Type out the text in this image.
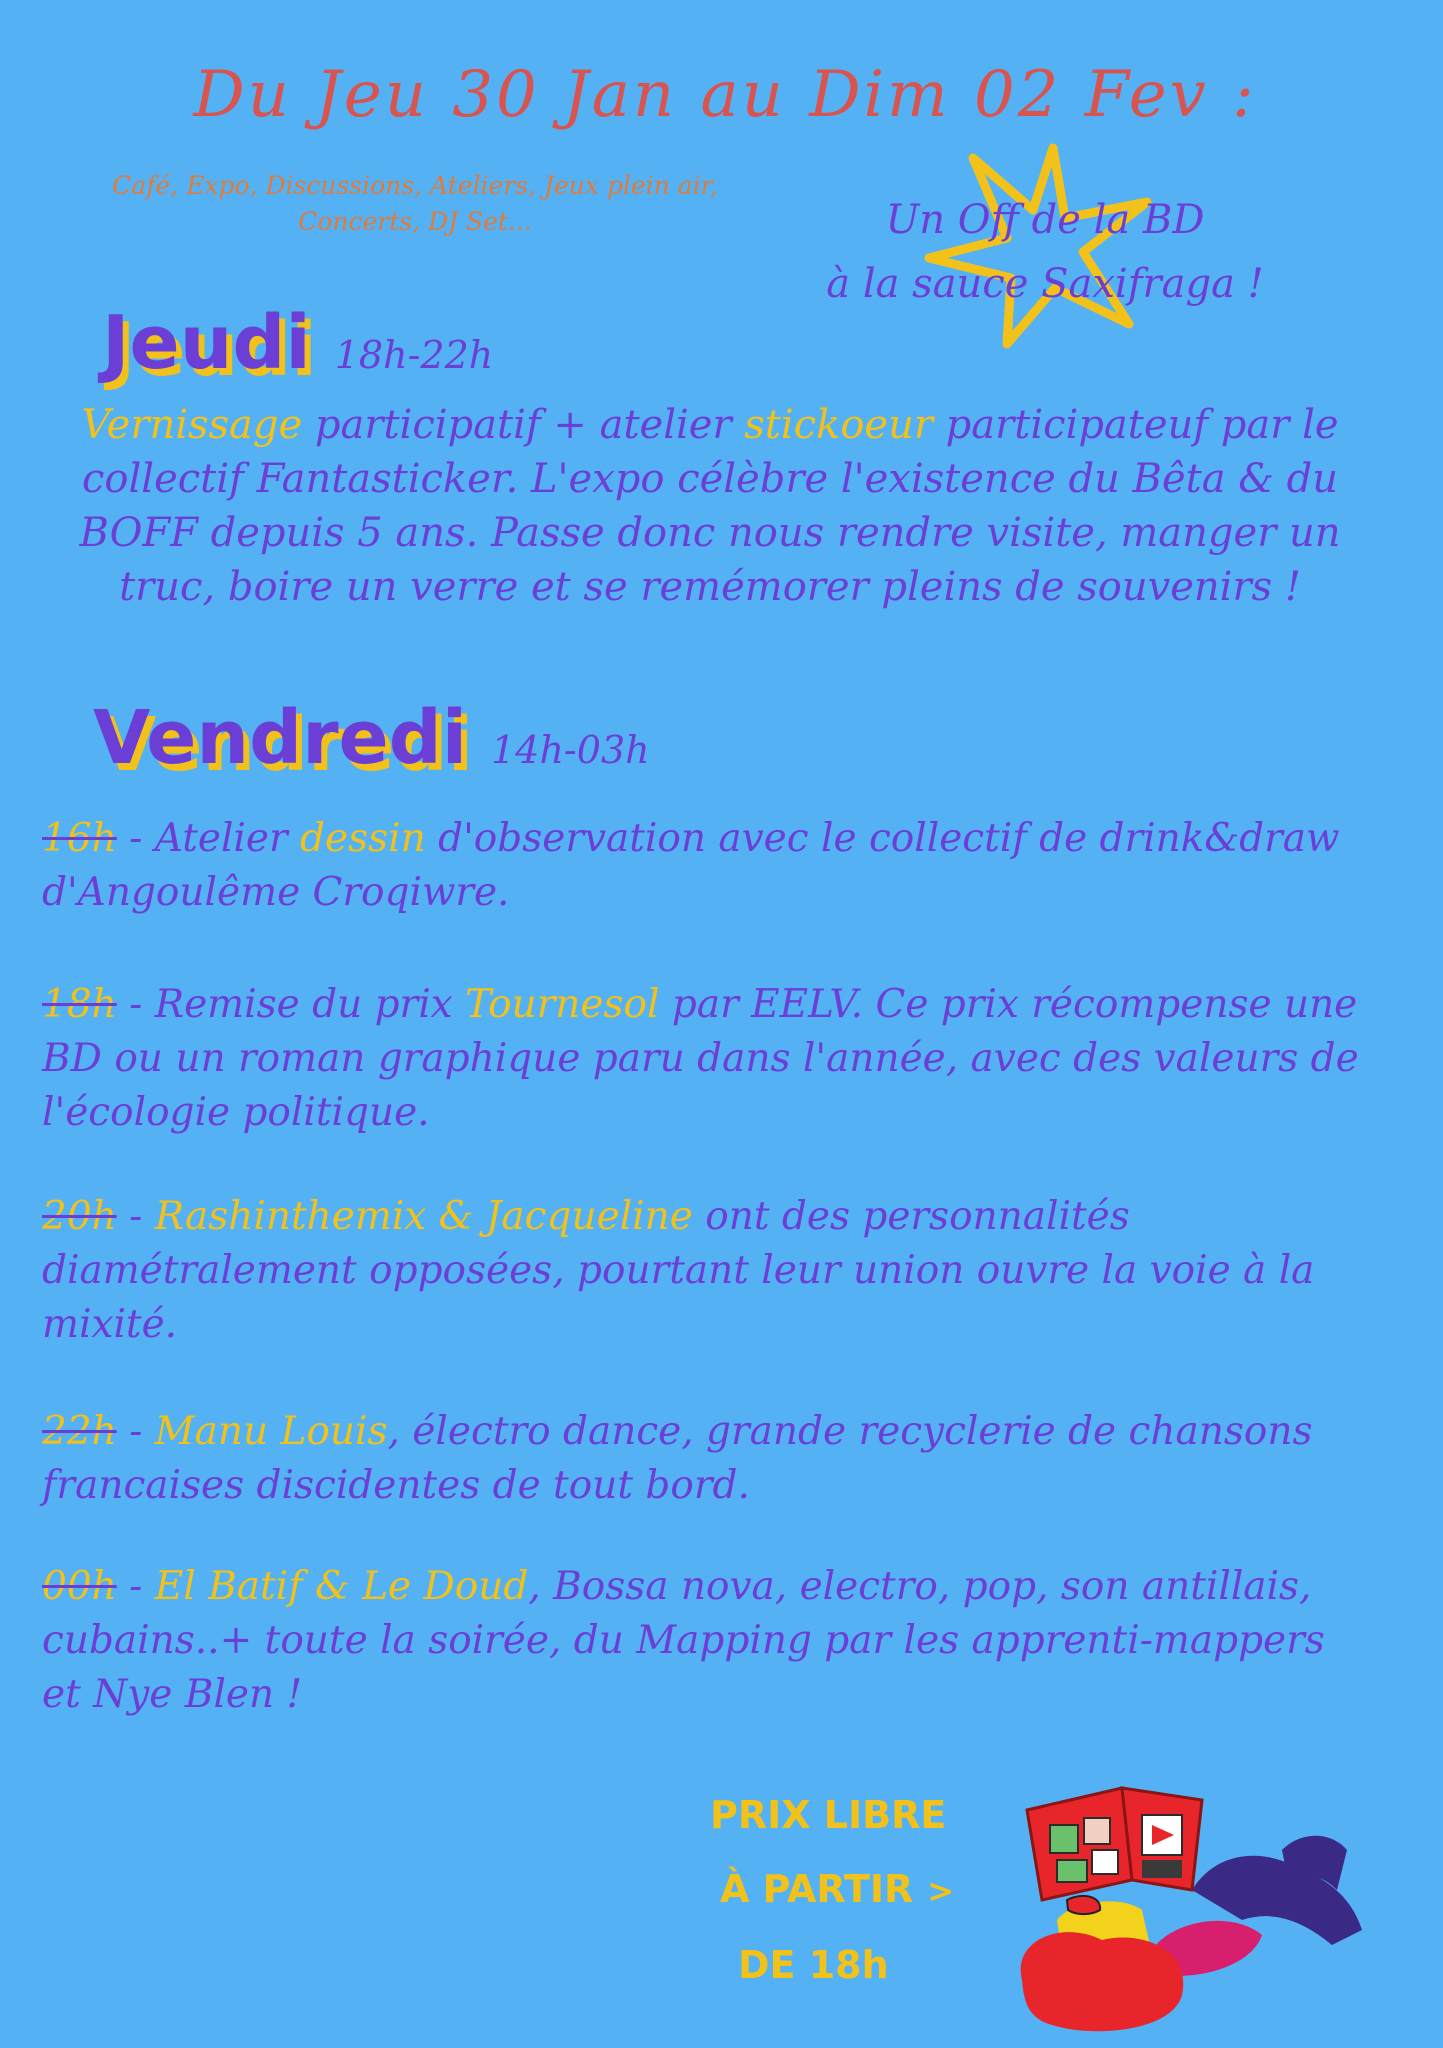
Du Jeu 30 Jan au Dim 02 Fev :
Café, Expo, Discussions, Ateliers, Jeux plein air, Concerts, DJ Set...	Un Off de la BD
à la sauce Saxifraga !
Jeudi 18h-22h
Vernissage participatif + atelier stickoeur participateuf par le collectif Fantasticker. L'expo célèbre l'existence du Bêta & du BOFF depuis 5 ans. Passe donc nous rendre visite, manger un truc, boire un verre et se remémorer pleins de souvenirs !
Vendredi 14h-03h
16h - Atelier dessin d'observation avec le collectif de drink&draw d'Angoulême Croqiwre.
18h - Remise du prix Tournesol par EELV. Ce prix récompense une BD ou un roman graphique paru dans l'année, avec des valeurs de l'écologie politique.
20h - Rashinthemix & Jacqueline ont des personnalités diamétralement opposées, pourtant leur union ouvre la voie à la mixité.
22h - Manu Louis, électro dance, grande recyclerie de chansons francaises discidentes de tout bord.
00h - El Batif & Le Doud, Bossa nova, electro, pop, son antillais, cubains..+ toute la soirée, du Mapping par les apprenti-mappers et Nye Blen !
PRIX LIBRE
À PARTIR >
DE 18h
